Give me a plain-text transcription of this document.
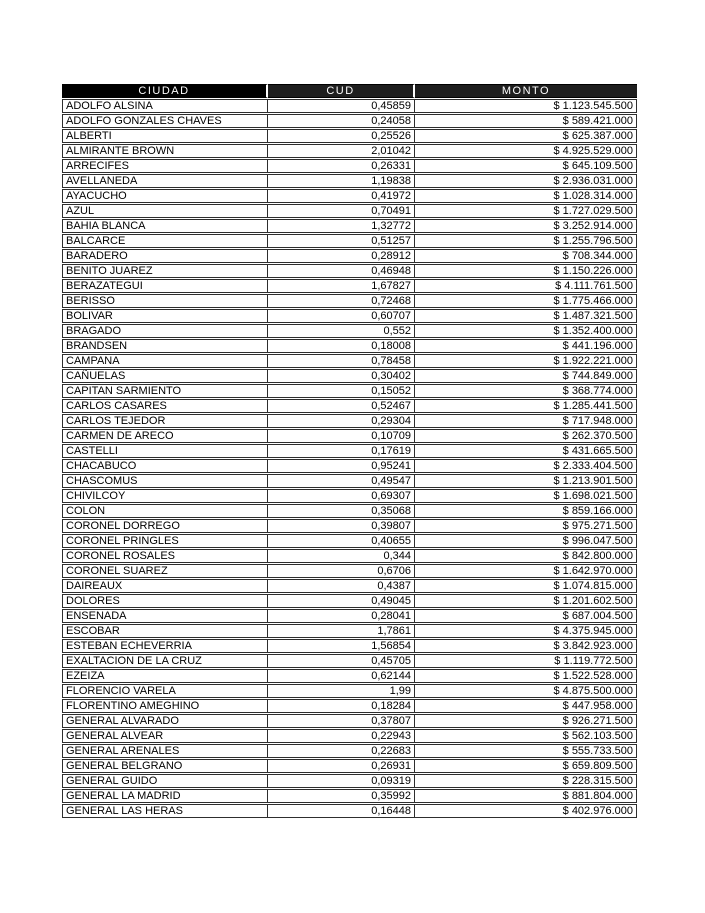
CIUDAD	CUD	MONTO
ADOLFO ALSINA	0,45859	$ 1.123.545.500
ADOLFO GONZALES CHAVES	0,24058	$ 589.421.000
ALBERTI	0,25526	$ 625.387.000
ALMIRANTE BROWN	2,01042	$ 4.925.529.000
ARRECIFES	0,26331	$ 645.109.500
AVELLANEDA	1,19838	$ 2.936.031.000
AYACUCHO	0,41972	$ 1.028.314.000
AZUL	0,70491	$ 1.727.029.500
BAHIA BLANCA	1,32772	$ 3.252.914.000
BALCARCE	0,51257	$ 1.255.796.500
BARADERO	0,28912	$ 708.344.000
BENITO JUAREZ	0,46948	$ 1.150.226.000
BERAZATEGUI	1,67827	$ 4.111.761.500
BERISSO	0,72468	$ 1.775.466.000
BOLIVAR	0,60707	$ 1.487.321.500
BRAGADO	0,552	$ 1.352.400.000
BRANDSEN	0,18008	$ 441.196.000
CAMPANA	0,78458	$ 1.922.221.000
CAÑUELAS	0,30402	$ 744.849.000
CAPITAN SARMIENTO	0,15052	$ 368.774.000
CARLOS CASARES	0,52467	$ 1.285.441.500
CARLOS TEJEDOR	0,29304	$ 717.948.000
CARMEN DE ARECO	0,10709	$ 262.370.500
CASTELLI	0,17619	$ 431.665.500
CHACABUCO	0,95241	$ 2.333.404.500
CHASCOMUS	0,49547	$ 1.213.901.500
CHIVILCOY	0,69307	$ 1.698.021.500
COLON	0,35068	$ 859.166.000
CORONEL DORREGO	0,39807	$ 975.271.500
CORONEL PRINGLES	0,40655	$ 996.047.500
CORONEL ROSALES	0,344	$ 842.800.000
CORONEL SUAREZ	0,6706	$ 1.642.970.000
DAIREAUX	0,4387	$ 1.074.815.000
DOLORES	0,49045	$ 1.201.602.500
ENSENADA	0,28041	$ 687.004.500
ESCOBAR	1,7861	$ 4.375.945.000
ESTEBAN ECHEVERRIA	1,56854	$ 3.842.923.000
EXALTACION DE LA CRUZ	0,45705	$ 1.119.772.500
EZEIZA	0,62144	$ 1.522.528.000
FLORENCIO VARELA	1,99	$ 4.875.500.000
FLORENTINO AMEGHINO	0,18284	$ 447.958.000
GENERAL ALVARADO	0,37807	$ 926.271.500
GENERAL ALVEAR	0,22943	$ 562.103.500
GENERAL ARENALES	0,22683	$ 555.733.500
GENERAL BELGRANO	0,26931	$ 659.809.500
GENERAL GUIDO	0,09319	$ 228.315.500
GENERAL LA MADRID	0,35992	$ 881.804.000
GENERAL LAS HERAS	0,16448	$ 402.976.000
